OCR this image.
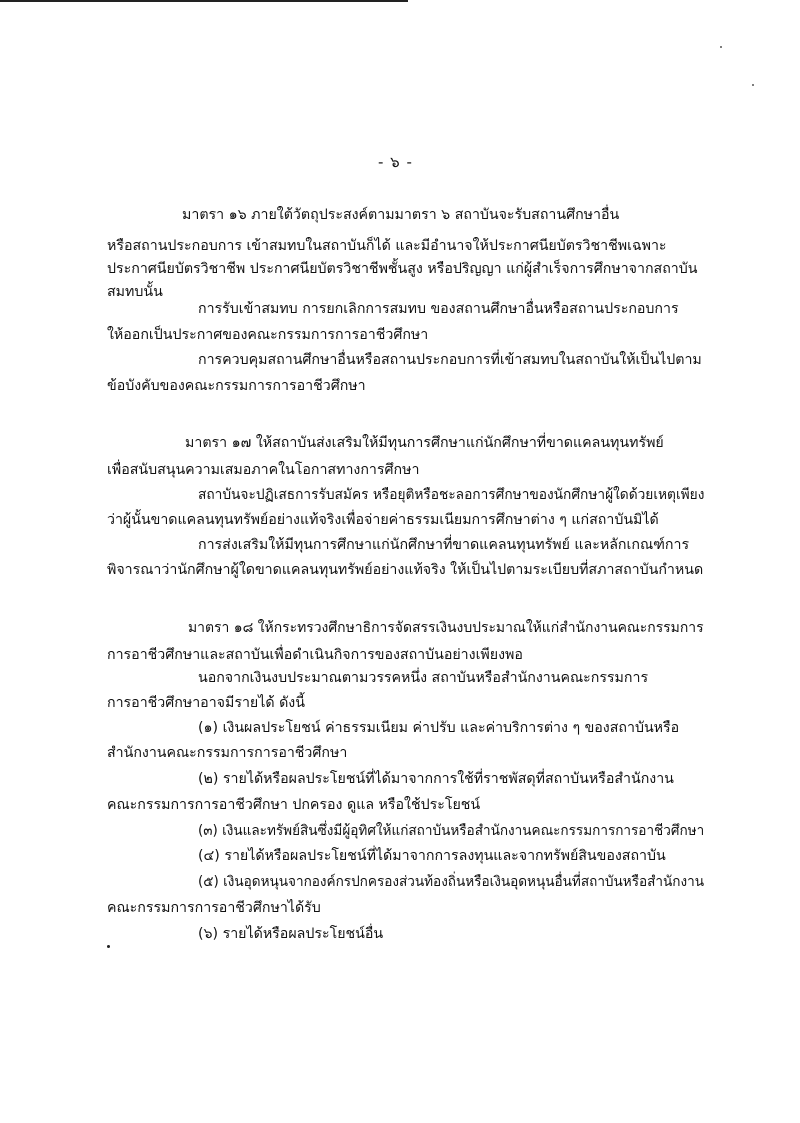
- ๖ -
มาตรา ๑๖ ภายใต้วัตถุประสงค์ตามมาตรา ๖ สถาบันจะรับสถานศึกษาอื่น
หรือสถานประกอบการ เข้าสมทบในสถาบันก็ได้ และมีอำนาจให้ประกาศนียบัตรวิชาชีพเฉพาะ
ประกาศนียบัตรวิชาชีพ ประกาศนียบัตรวิชาชีพชั้นสูง หรือปริญญา แก่ผู้สำเร็จการศึกษาจากสถาบัน
สมทบนั้น
การรับเข้าสมทบ การยกเลิกการสมทบ ของสถานศึกษาอื่นหรือสถานประกอบการ
ให้ออกเป็นประกาศของคณะกรรมการการอาชีวศึกษา
การควบคุมสถานศึกษาอื่นหรือสถานประกอบการที่เข้าสมทบในสถาบันให้เป็นไปตาม
ข้อบังคับของคณะกรรมการการอาชีวศึกษา
มาตรา ๑๗ ให้สถาบันส่งเสริมให้มีทุนการศึกษาแก่นักศึกษาที่ขาดแคลนทุนทรัพย์
เพื่อสนับสนุนความเสมอภาคในโอกาสทางการศึกษา
สถาบันจะปฏิเสธการรับสมัคร หรือยุติหรือชะลอการศึกษาของนักศึกษาผู้ใดด้วยเหตุเพียง
ว่าผู้นั้นขาดแคลนทุนทรัพย์อย่างแท้จริงเพื่อจ่ายค่าธรรมเนียมการศึกษาต่าง ๆ แก่สถาบันมิได้
การส่งเสริมให้มีทุนการศึกษาแก่นักศึกษาที่ขาดแคลนทุนทรัพย์ และหลักเกณฑ์การ
พิจารณาว่านักศึกษาผู้ใดขาดแคลนทุนทรัพย์อย่างแท้จริง ให้เป็นไปตามระเบียบที่สภาสถาบันกำหนด
มาตรา ๑๘ ให้กระทรวงศึกษาธิการจัดสรรเงินงบประมาณให้แก่สำนักงานคณะกรรมการ
การอาชีวศึกษาและสถาบันเพื่อดำเนินกิจการของสถาบันอย่างเพียงพอ
นอกจากเงินงบประมาณตามวรรคหนึ่ง สถาบันหรือสำนักงานคณะกรรมการ
การอาชีวศึกษาอาจมีรายได้ ดังนี้
(๑) เงินผลประโยชน์ ค่าธรรมเนียม ค่าปรับ และค่าบริการต่าง ๆ ของสถาบันหรือ
สำนักงานคณะกรรมการการอาชีวศึกษา
(๒) รายได้หรือผลประโยชน์ที่ได้มาจากการใช้ที่ราชพัสดุที่สถาบันหรือสำนักงาน
คณะกรรมการการอาชีวศึกษา ปกครอง ดูแล หรือใช้ประโยชน์
(๓) เงินและทรัพย์สินซึ่งมีผู้อุทิศให้แก่สถาบันหรือสำนักงานคณะกรรมการการอาชีวศึกษา
(๔) รายได้หรือผลประโยชน์ที่ได้มาจากการลงทุนและจากทรัพย์สินของสถาบัน
(๕) เงินอุดหนุนจากองค์กรปกครองส่วนท้องถิ่นหรือเงินอุดหนุนอื่นที่สถาบันหรือสำนักงาน
คณะกรรมการการอาชีวศึกษาได้รับ
(๖) รายได้หรือผลประโยชน์อื่น
